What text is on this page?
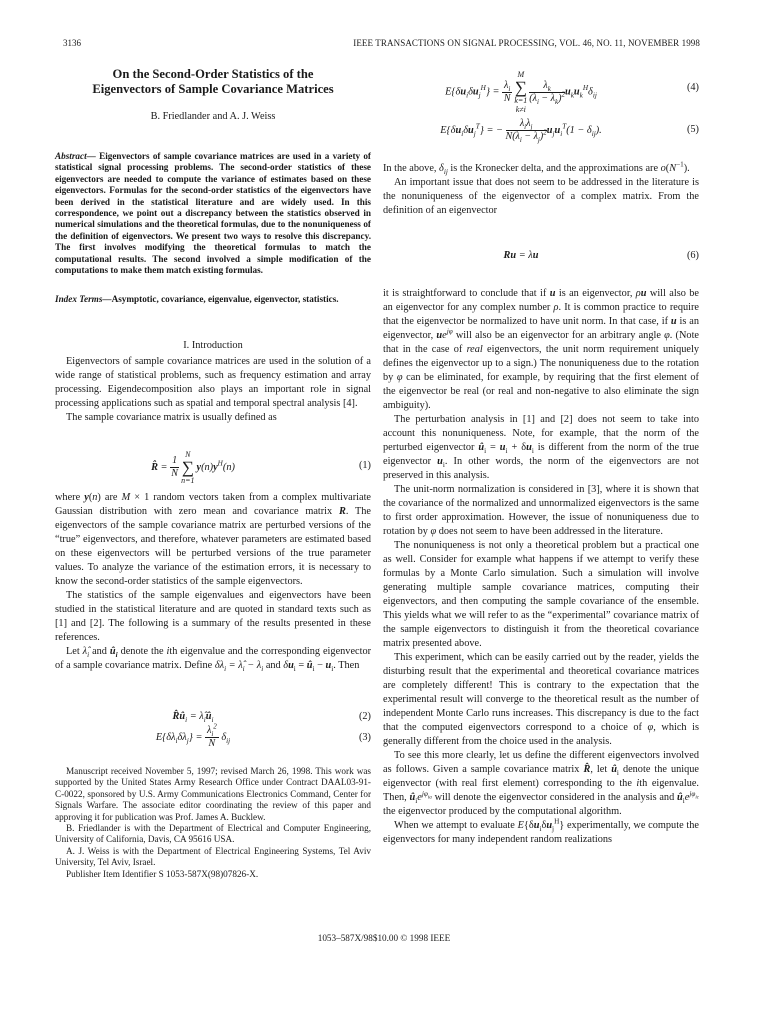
3136	IEEE TRANSACTIONS ON SIGNAL PROCESSING, VOL. 46, NO. 11, NOVEMBER 1998
On the Second-Order Statistics of the
Eigenvectors of Sample Covariance Matrices
B. Friedlander and A. J. Weiss
Abstract— Eigenvectors of sample covariance matrices are used in a variety of statistical signal processing problems. The second-order statistics of these eigenvectors are needed to compute the variance of estimates based on these eigenvectors. Formulas for the second-order statistics of the eigenvectors have been derived in the statistical literature and are widely used. In this correspondence, we point out a discrepancy between the statistics observed in numerical simulations and the theoretical formulas, due to the nonuniqueness of the definition of eigenvectors. We present two ways to resolve this discrepancy. The first involves modifying the theoretical formulas to match the computational results. The second involved a simple modification of the computations to make them match existing formulas.
Index Terms—Asymptotic, covariance, eigenvalue, eigenvector, statistics.
I. Introduction

Eigenvectors of sample covariance matrices are used in the solution of a wide range of statistical problems, such as frequency estimation and array processing. Eigendecomposition also plays an important role in signal processing applications such as spatial and temporal spectral analysis [4].

The sample covariance matrix is usually defined as

R̂ = $\frac{1}{N}$
N
∑
$n=1y(n)y^H(n)$	(1)

where y(n) are M × 1 random vectors taken from a complex multivariate Gaussian distribution with zero mean and covariance matrix R. The eigenvectors of the sample covariance matrix are perturbed versions of the “true” eigenvectors, and therefore, whatever parameters are estimated based on these eigenvectors will be perturbed versions of the true parameter values. To analyze the variance of the estimation errors, it is necessary to know the second-order statistics of the sample eigenvectors.

The statistics of the sample eigenvalues and eigenvectors have been studied in the statistical literature and are quoted in standard texts such as [1] and [2]. The following is a summary of the results presented in these references.

Let $\lambdâ_i$ and $û_i$ denote the ith eigenvalue and the corresponding eigenvector of a sample covariance matrix. Define $\delta\lambda_i$ = $\lambdâ_i - \lambda_i$ and $\delta u_i$ = $û_i - u_i$. Then

$R̂û_i$ = $\lambdâ_iû_i$	(2)
$E\{\delta\lambda_i\delta\lambda_j\} = \frac{\lambda_i^2}{N} \delta_{ij}$	(3)

Manuscript received November 5, 1997; revised March 26, 1998. This work was supported by the United States Army Research Office under Contract DAAL03-91-C-0022, sponsored by U.S. Army Communications Electronics Command, Center for Signals Warfare. The associate editor coordinating the review of this paper and approving it for publication was Prof. James A. Bucklew.

B. Friedlander is with the Department of Electrical and Computer Engineering, University of California, Davis, CA 95616 USA.

A. J. Weiss is with the Department of Electrical Engineering Systems, Tel Aviv University, Tel Aviv, Israel.

Publisher Item Identifier S 1053-587X(98)07826-X.

$E\{\delta u_i\delta u_j^H\} = \frac{\lambda_i}{N}$
M
∑
k=1
k≠i
$\frac{\lambda_k}{(\lambda_i - \lambda_k)^2} u_ku_k^H\delta_{ij}$
(4)
$E\{\delta u_i\delta u_j^T\}$ = − $\frac{\lambda_i\lambda_j}{N(\lambda_i - \lambda_j)^2} u_ju_i^T(1 - \delta_{ij})$.	(5)

In the above, $\delta_{ij}$ is the Kronecker delta, and the approximations are $o(N^{-1})$.

An important issue that does not seem to be addressed in the literature is the nonuniqueness of the eigenvector of a complex matrix. From the definition of an eigenvector

Ru = λu	(6)

it is straightforward to conclude that if u is an eigenvector, ρu will also be an eigenvector for any complex number ρ. It is common practice to require that the eigenvector be normalized to have unit norm. In that case, if u is an eigenvector, $ue^{j\varphi}$ will also be an eigenvector for an arbitrary angle φ. (Note that in the case of real eigenvectors, the unit norm requirement uniquely defines the eigenvector up to a sign.) The nonuniqueness due to the rotation by φ can be eliminated, for example, by requiring that the first element of the eigenvector be real (or real and non-negative to also eliminate the sign ambiguity).

The perturbation analysis in [1] and [2] does not seem to take into account this nonuniqueness. Note, for example, that the norm of the perturbed eigenvector $û_i = u_i + \delta u_i$ is different from the norm of the true eigenvector $u_i$. In other words, the norm of the eigenvectors are not preserved in this analysis.

The unit-norm normalization is considered in [3], where it is shown that the covariance of the normalized and unnormalized eigenvectors is the same to first order approximation. However, the issue of nonuniqueness due to rotation by φ does not seem to have been addressed in the literature.

The nonuniqueness is not only a theoretical problem but a practical one as well. Consider for example what happens if we attempt to verify these formulas by a Monte Carlo simulation. Such a simulation will involve generating multiple sample covariance matrices, computing their eigenvectors, and then computing the sample covariance of the ensemble. This yields what we will refer to as the “experimental” covariance matrix of the sample eigenvectors to distinguish it from the theoretical covariance matrix presented above.

This experiment, which can be easily carried out by the reader, yields the disturbing result that the experimental and theoretical covariance matrices are completely different! This is contrary to the expectation that the experimental result will converge to the theoretical result as the number of independent Monte Carlo runs increases. This discrepancy is due to the fact that the computed eigenvectors correspond to a choice of φ, which is generally different from the choice used in the analysis.

To see this more clearly, let us define the different eigenvectors involved as follows. Given a sample covariance matrix R̂, let $û_i$ denote the unique eigenvector (with real first element) corresponding to the ith eigenvalue. Then, $û_ie^{j\varphi_{ia}}$ will denote the eigenvector considered in the analysis and $û_ie^{j\varphi_{ic}}$ the eigenvector produced by the computational algorithm.

When we attempt to evaluate $E\{\delta u_i\delta u_j^H\}$ experimentally, we compute the eigenvectors for many independent random realizations

1053–587X/98$10.00 © 1998 IEEE
